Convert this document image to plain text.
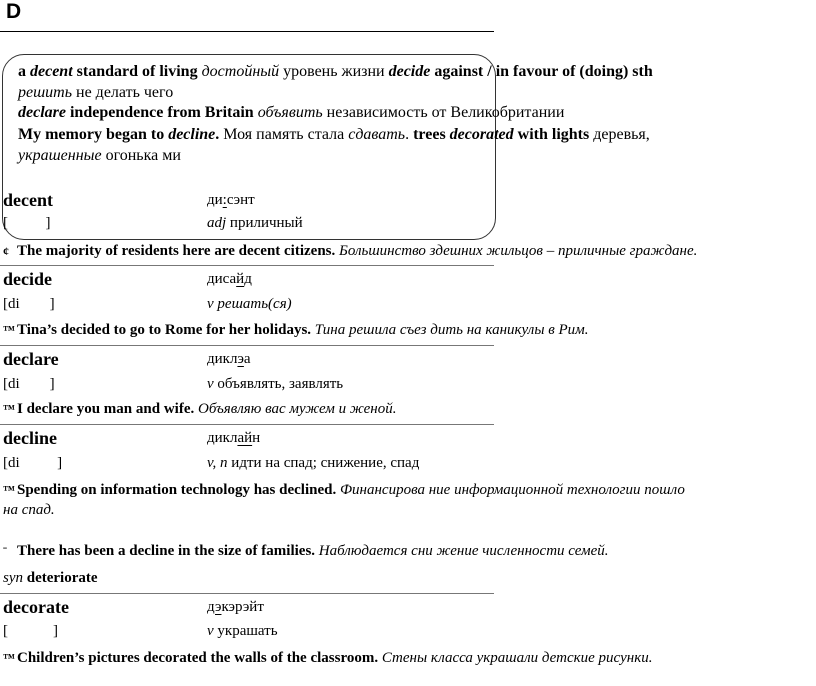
D
a decent standard of living достойный уровень жизни decide against / in favour of (doing) sth
решить не делать чего
declare independence from Britain объявить независимость от Великобритании
My memory began to decline. Моя память стала сдавать. trees decorated with lights деревья,
украшенные огонька ми
decent	ди:сэнт
[          ]	adj приличный
¢ The majority of residents here are decent citizens. Большинство здешних жильцов – приличные граждане.
decide	дисайд
[di        ]	v решать(ся)
™ Tina’s decided to go to Rome for her holidays. Тина решила съез дить на каникулы в Рим.
declare	диклэа
[di        ]	v объявлять, заявлять
™ I declare you man and wife. Объявляю вас мужем и женой.
decline	диклайн
[di          ]	v, n идти на спад; снижение, спад
™ Spending on information technology has declined. Финансирова ние информационной технологии пошло
на спад.
ˉ There has been a decline in the size of families. Наблюдается сни жение численности семей.
syn deteriorate
decorate	дэкэрэйт
[            ]	v украшать
™ Children’s pictures decorated the walls of the classroom. Стены класса украшали детские рисунки.
